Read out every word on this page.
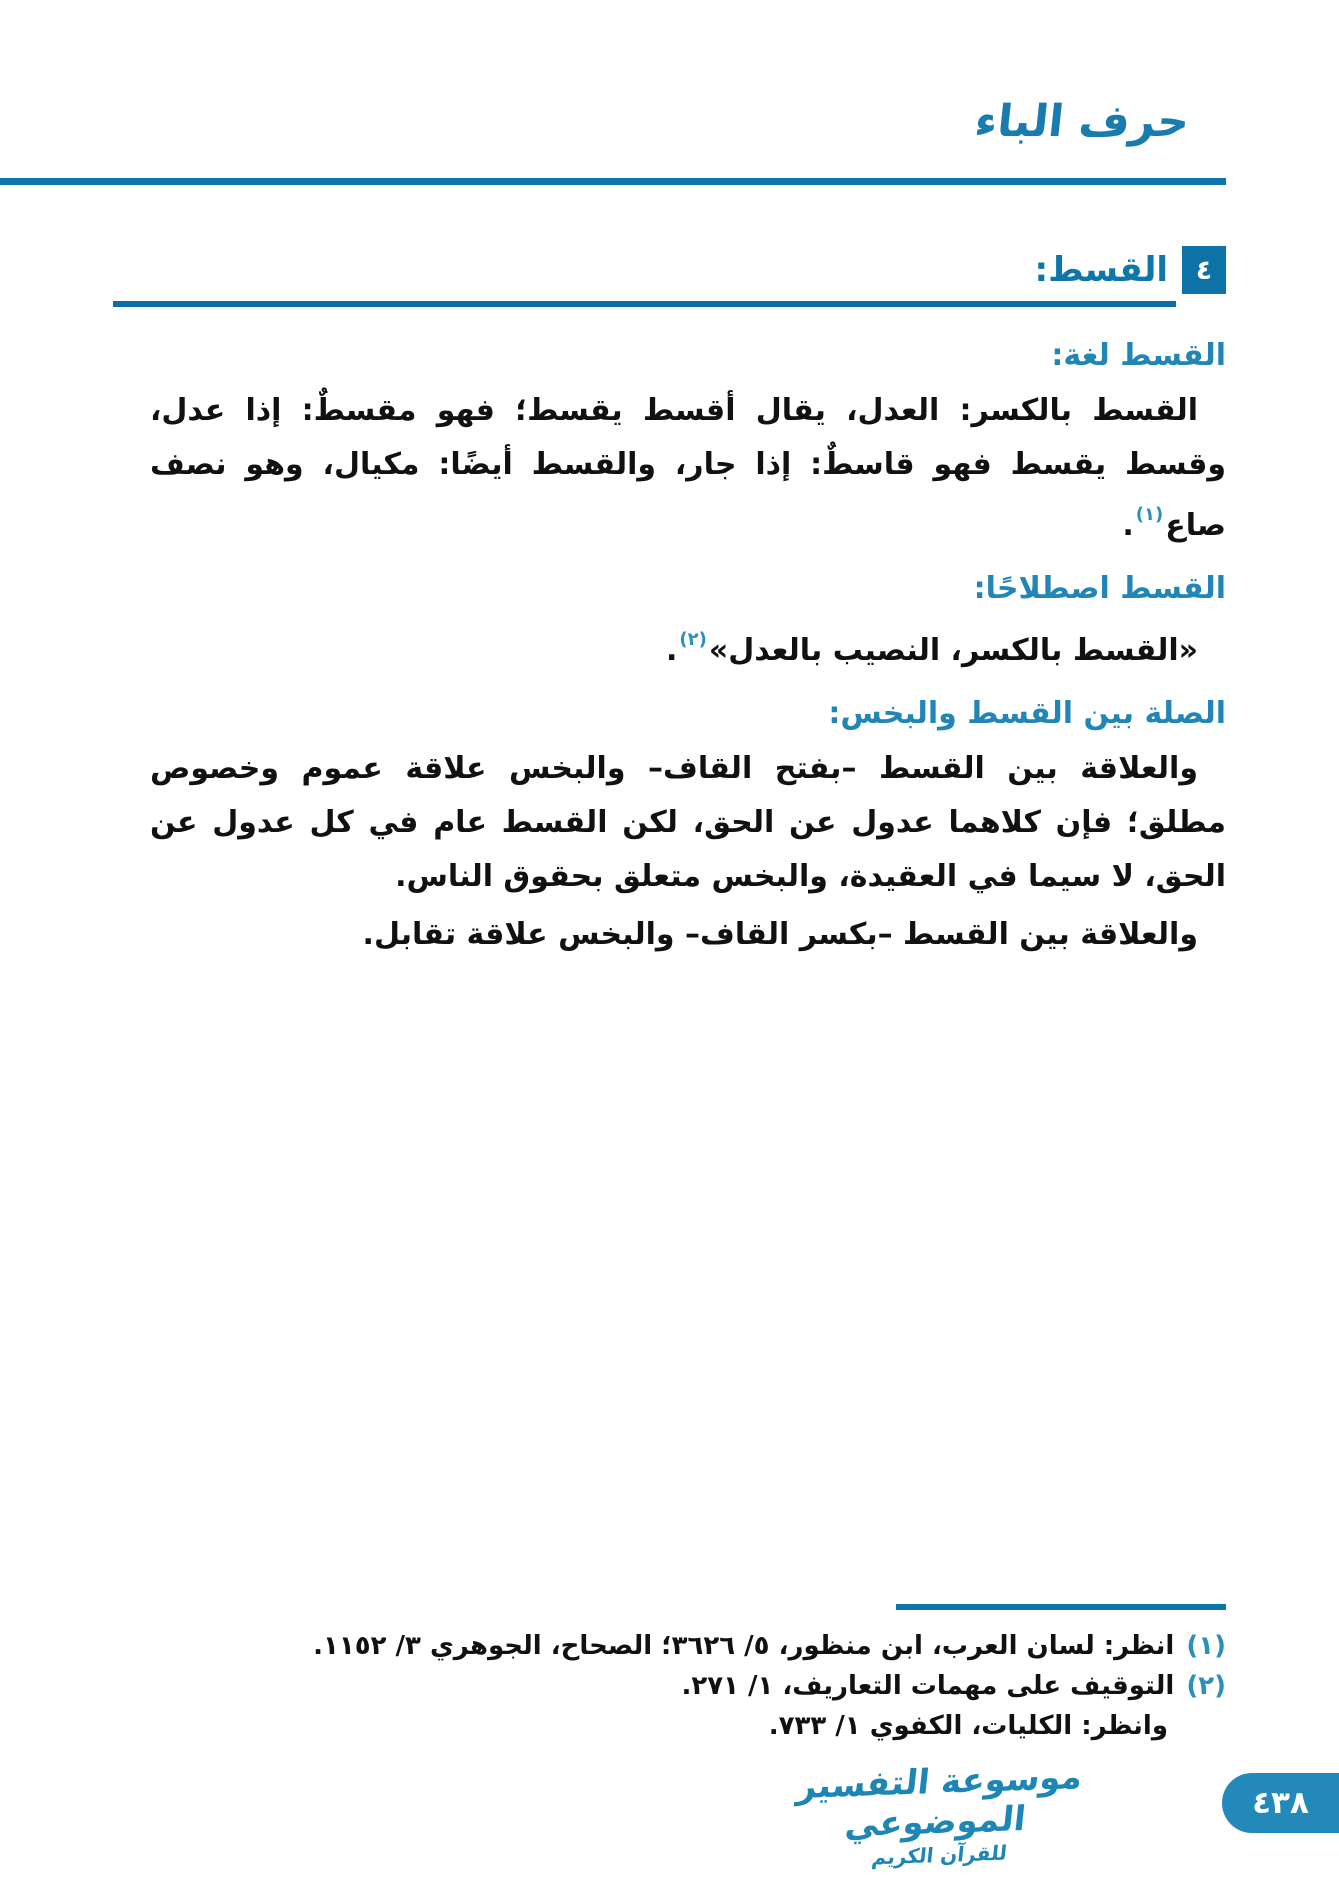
حرف الباء
٤
القسط:
القسط لغة:

القسط بالكسر: العدل، يقال أقسط يقسط؛ فهو مقسطٌ: إذا عدل، وقسط يقسط فهو قاسطٌ: إذا جار، والقسط أيضًا: مكيال، وهو نصف صاع$^{(١)}$.

القسط اصطلاحًا:

«القسط بالكسر، النصيب بالعدل»$^{(٢)}$.

الصلة بين القسط والبخس:

والعلاقة بين القسط –بفتح القاف– والبخس علاقة عموم وخصوص مطلق؛ فإن كلاهما عدول عن الحق، لكن القسط عام في كل عدول عن الحق، لا سيما في العقيدة، والبخس متعلق بحقوق الناس.

والعلاقة بين القسط –بكسر القاف– والبخس علاقة تقابل.

(١)
انظر: لسان العرب، ابن منظور، ٥/ ٣٦٢٦؛ الصحاح، الجوهري ٣/ ١١٥٢.
(٢)
التوقيف على مهمات التعاريف، ١/ ٢٧١.
وانظر: الكليات، الكفوي ١/ ٧٣٣.
موسوعة التفسير الموضوعي
للقرآن الكريم
٤٣٨
